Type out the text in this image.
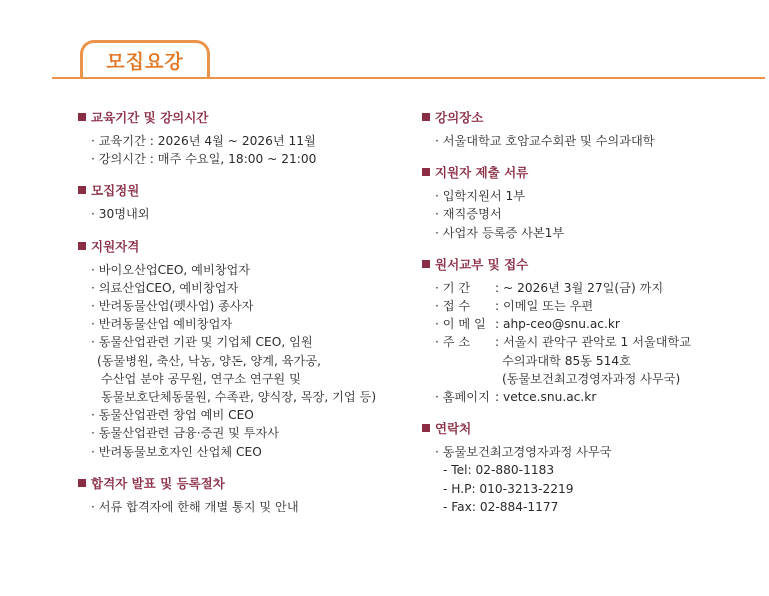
모집요강
교육기간 및 강의시간
· 교육기간 : 2026년 4월 ~ 2026년 11월
· 강의시간 : 매주 수요일, 18:00 ~ 21:00
모집정원
· 30명내외
지원자격
· 바이오산업CEO, 예비창업자
· 의료산업CEO, 예비창업자
· 반려동물산업(펫사업) 종사자
· 반려동물산업 예비창업자
· 동물산업관련 기관 및 기업체 CEO, 임원
(동물병원, 축산, 낙농, 양돈, 양계, 육가공,
수산업 분야 공무원, 연구소 연구원 및
동물보호단체동물원, 수족관, 양식장, 목장, 기업 등)
· 동물산업관련 창업 예비 CEO
· 동물산업관련 금융·증권 및 투자사
· 반려동물보호자인 산업체 CEO
합격자 발표 및 등록절차
· 서류 합격자에 한해 개별 통지 및 안내
강의장소
· 서울대학교 호암교수회관 및 수의과대학
지원자 제출 서류
· 입학지원서 1부
· 재직증명서
· 사업자 등록증 사본1부
원서교부 및 접수
· 기 간	: ~ 2026년 3월 27일(금) 까지
· 접 수	: 이메일 또는 우편
· 이 메 일 : ahp-ceo@snu.ac.kr
· 주 소	: 서울시 관악구 관악로 1 서울대학교
수의과대학 85동 514호
(동물보건최고경영자과정 사무국)
· 홈페이지 : vetce.snu.ac.kr
연락처
· 동물보건최고경영자과정 사무국
- Tel: 02-880-1183
- H.P: 010-3213-2219
- Fax: 02-884-1177
